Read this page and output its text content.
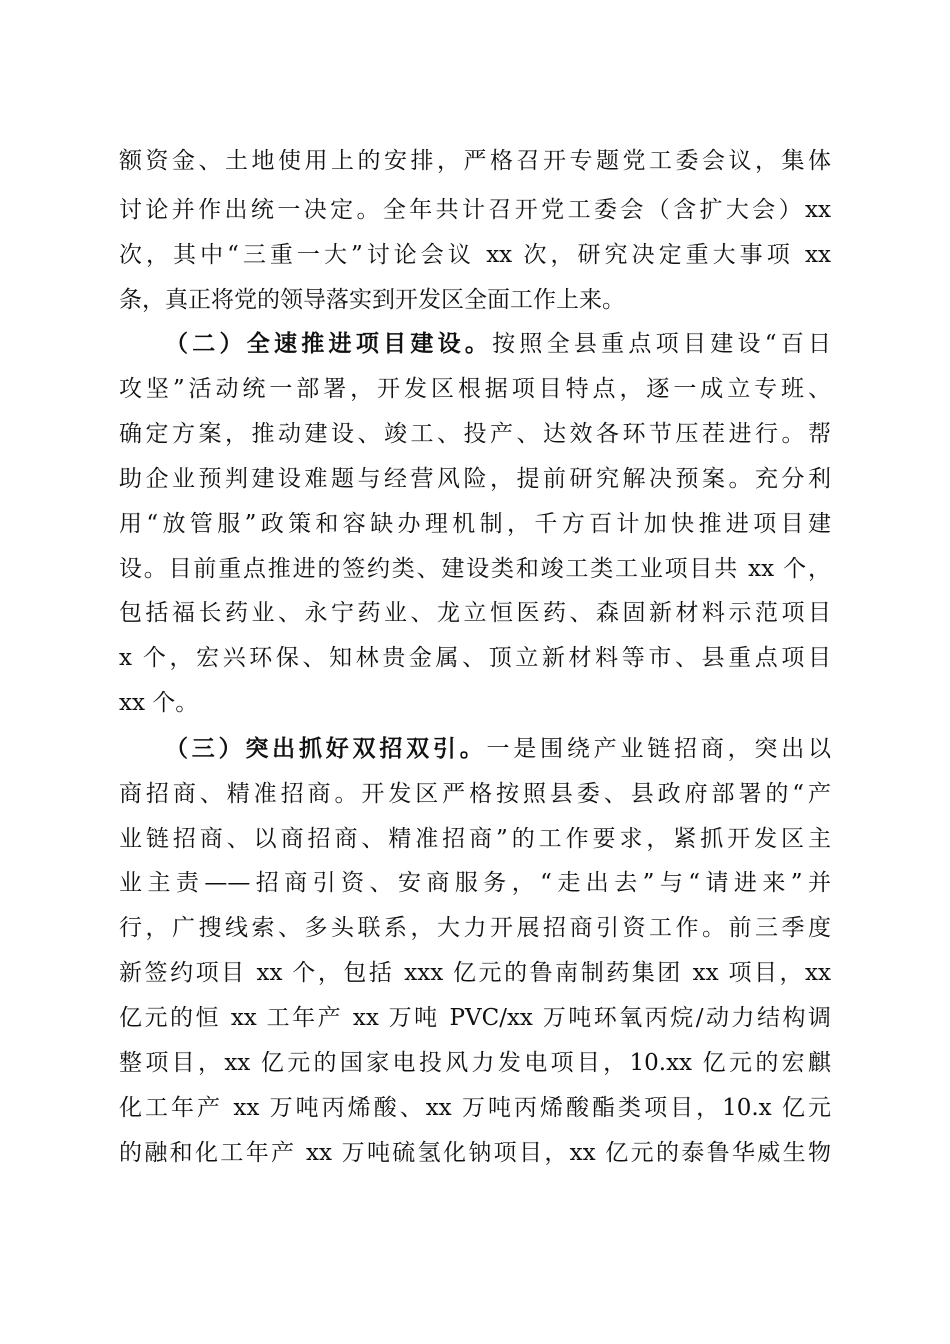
额资金、土地使用上的安排，严格召开专题党工委会议，集体
讨论并作出统一决定。全年共计召开党工委会（含扩大会）xx
次，其中“三重一大”讨论会议 xx 次，研究决定重大事项 xx
条，真正将党的领导落实到开发区全面工作上来。
（二）全速推进项目建设。按照全县重点项目建设“百日
攻坚”活动统一部署，开发区根据项目特点，逐一成立专班、
确定方案，推动建设、竣工、投产、达效各环节压茬进行。帮
助企业预判建设难题与经营风险，提前研究解决预案。充分利
用“放管服”政策和容缺办理机制，千方百计加快推进项目建
设。目前重点推进的签约类、建设类和竣工类工业项目共 xx 个，
包括福长药业、永宁药业、龙立恒医药、森固新材料示范项目
x 个，宏兴环保、知林贵金属、顶立新材料等市、县重点项目
xx 个。
（三）突出抓好双招双引。一是围绕产业链招商，突出以
商招商、精准招商。开发区严格按照县委、县政府部署的“产
业链招商、以商招商、精准招商”的工作要求，紧抓开发区主
业主责——招商引资、安商服务，“走出去”与“请进来”并
行，广搜线索、多头联系，大力开展招商引资工作。前三季度
新签约项目 xx 个，包括 xxx 亿元的鲁南制药集团 xx 项目，xx
亿元的恒 xx 工年产 xx 万吨 PVC/xx 万吨环氧丙烷/动力结构调
整项目，xx 亿元的国家电投风力发电项目，10.xx 亿元的宏麒
化工年产 xx 万吨丙烯酸、xx 万吨丙烯酸酯类项目，10.x 亿元
的融和化工年产 xx 万吨硫氢化钠项目，xx 亿元的泰鲁华威生物
